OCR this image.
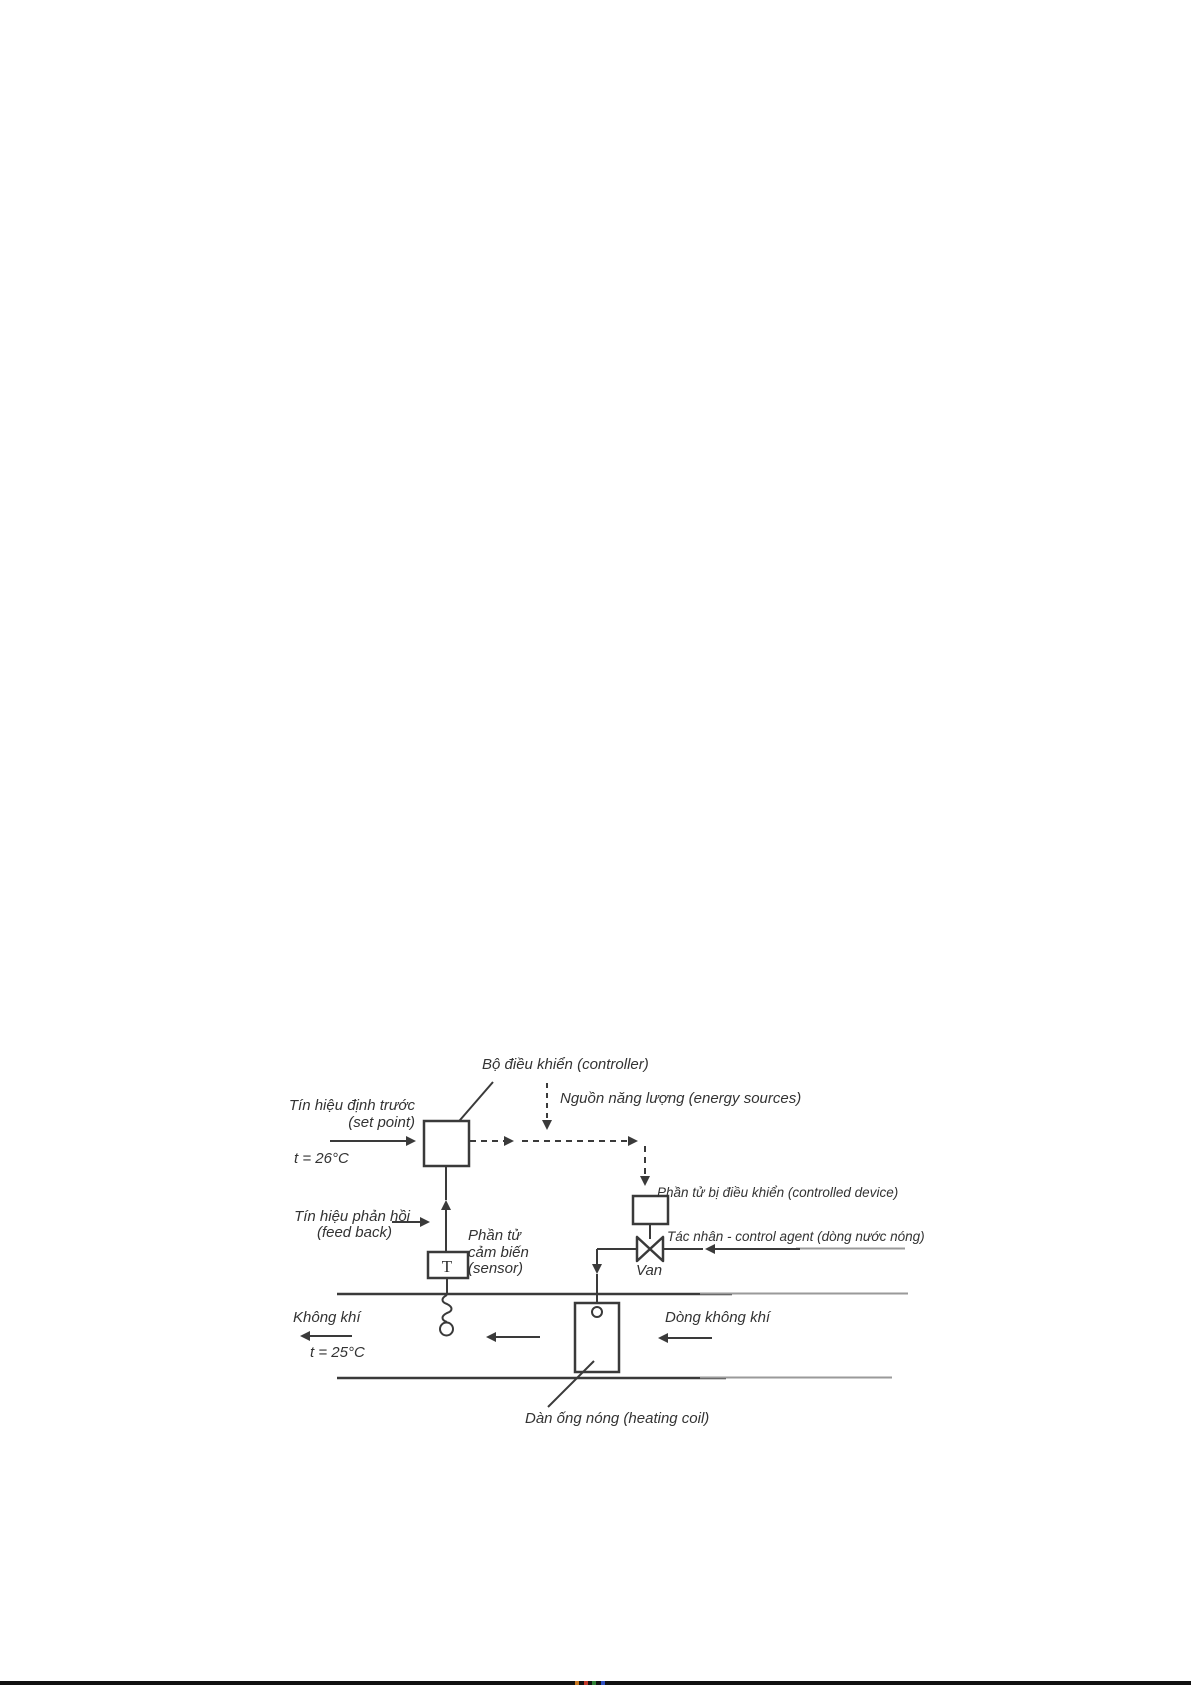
T
Bộ điều khiển (controller)
Nguồn năng lượng (energy sources)
Tín hiệu định trước
(set point)
t = 26°C
Tín hiệu phản hồi
(feed back)	Phần tử
cảm biến
(sensor)
Phần tử bị điều khiển (controlled device)
Tác nhân - control agent (dòng nước nóng)
Van
Không khí
t = 25°C
Dòng không khí
Dàn ống nóng (heating coil)
